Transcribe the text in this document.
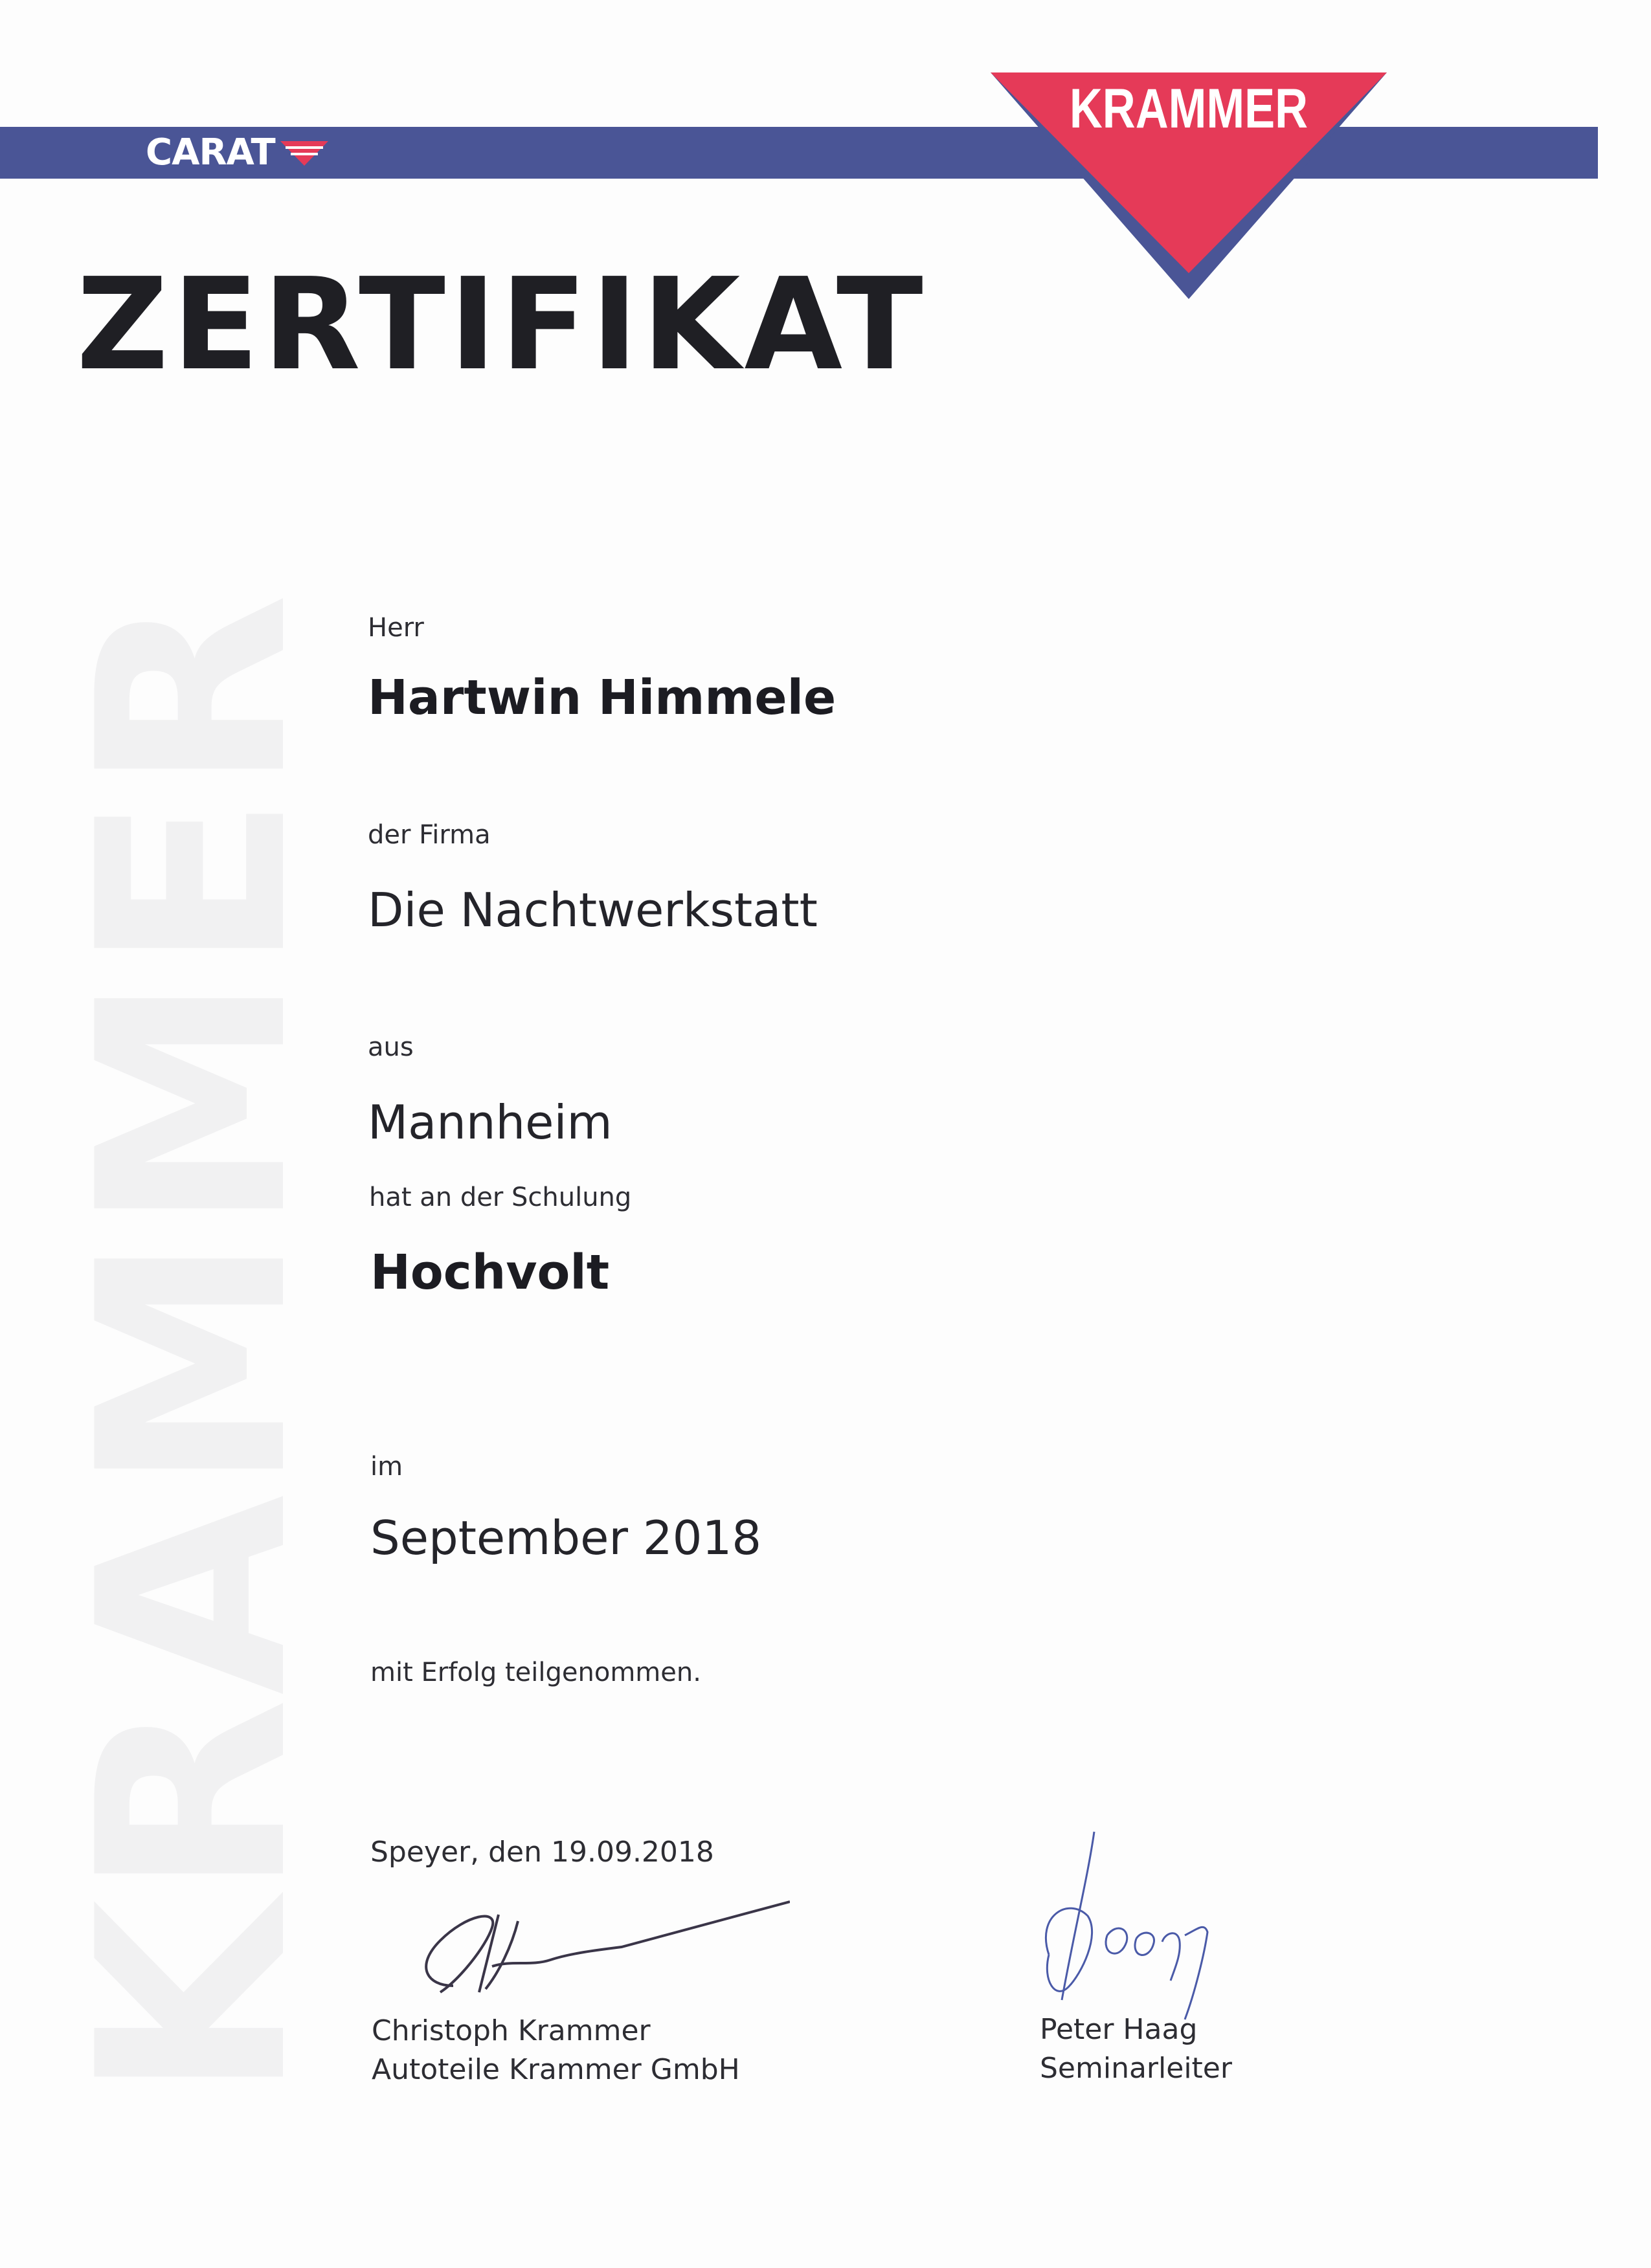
CARAT
KRAMMER
ZERTIFIKAT
KRAMMER Herr
Hartwin Himmele
der Firma
Die Nachtwerkstatt
aus
Mannheim
hat an der Schulung
Hochvolt
im
September 2018
mit Erfolg teilgenommen.
Speyer, den 19.09.2018
Christoph Krammer
Autoteile Krammer GmbH
Peter Haag
Seminarleiter
